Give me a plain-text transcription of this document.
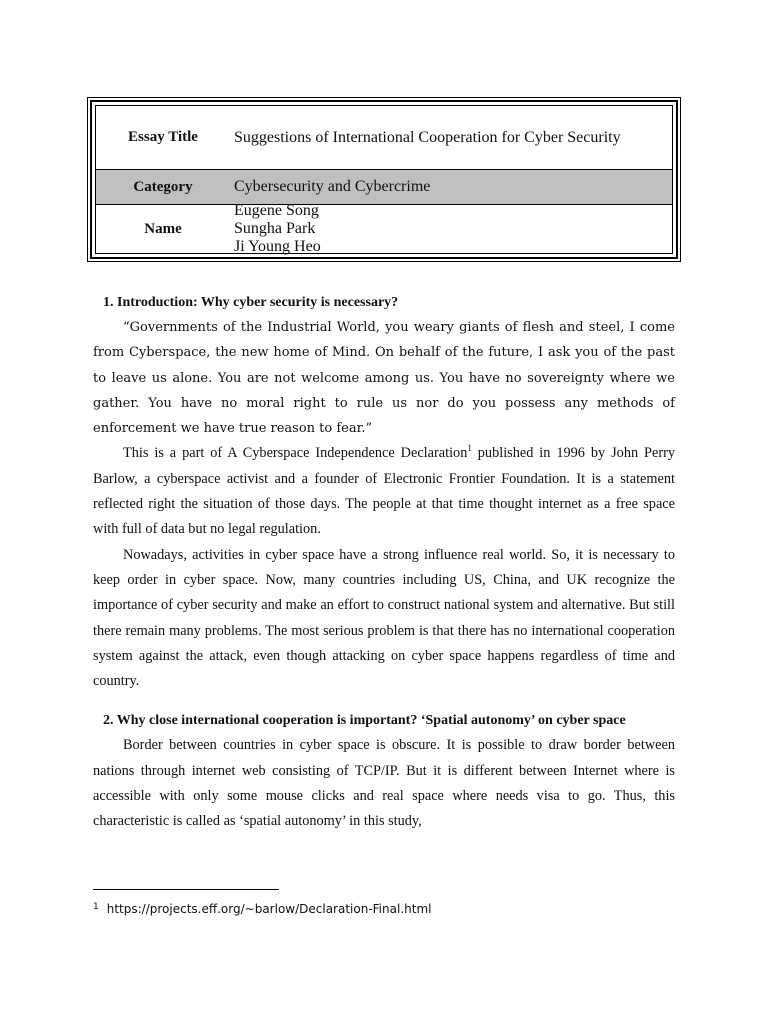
Essay Title	Suggestions of International Cooperation for Cyber Security
Category	Cybersecurity and Cybercrime
Name
Eugene Song
Sungha Park
Ji Young Heo

1. Introduction: Why cyber security is necessary?

“Governments of the Industrial World, you weary giants of flesh and steel, I come from Cyberspace, the new home of Mind. On behalf of the future, I ask you of the past to leave us alone. You are not welcome among us. You have no sovereignty where we gather. You have no moral right to rule us nor do you possess any methods of enforcement we have true reason to fear.”

This is a part of A Cyberspace Independence Declaration$^1$ published in 1996 by John Perry Barlow, a cyberspace activist and a founder of Electronic Frontier Foundation. It is a statement reflected right the situation of those days. The people at that time thought internet as a free space with full of data but no legal regulation.

Nowadays, activities in cyber space have a strong influence real world. So, it is necessary to keep order in cyber space. Now, many countries including US, China, and UK recognize the importance of cyber security and make an effort to construct national system and alternative. But still there remain many problems. The most serious problem is that there has no international cooperation system against the attack, even though attacking on cyber space happens regardless of time and country.

2. Why close international cooperation is important? ‘Spatial autonomy’ on cyber space

Border between countries in cyber space is obscure. It is possible to draw border between nations through internet web consisting of TCP/IP. But it is different between Internet where is accessible with only some mouse clicks and real space where needs visa to go. Thus, this characteristic is called as ‘spatial autonomy’ in this study,

$^1$ https://projects.eff.org/~barlow/Declaration-Final.html
